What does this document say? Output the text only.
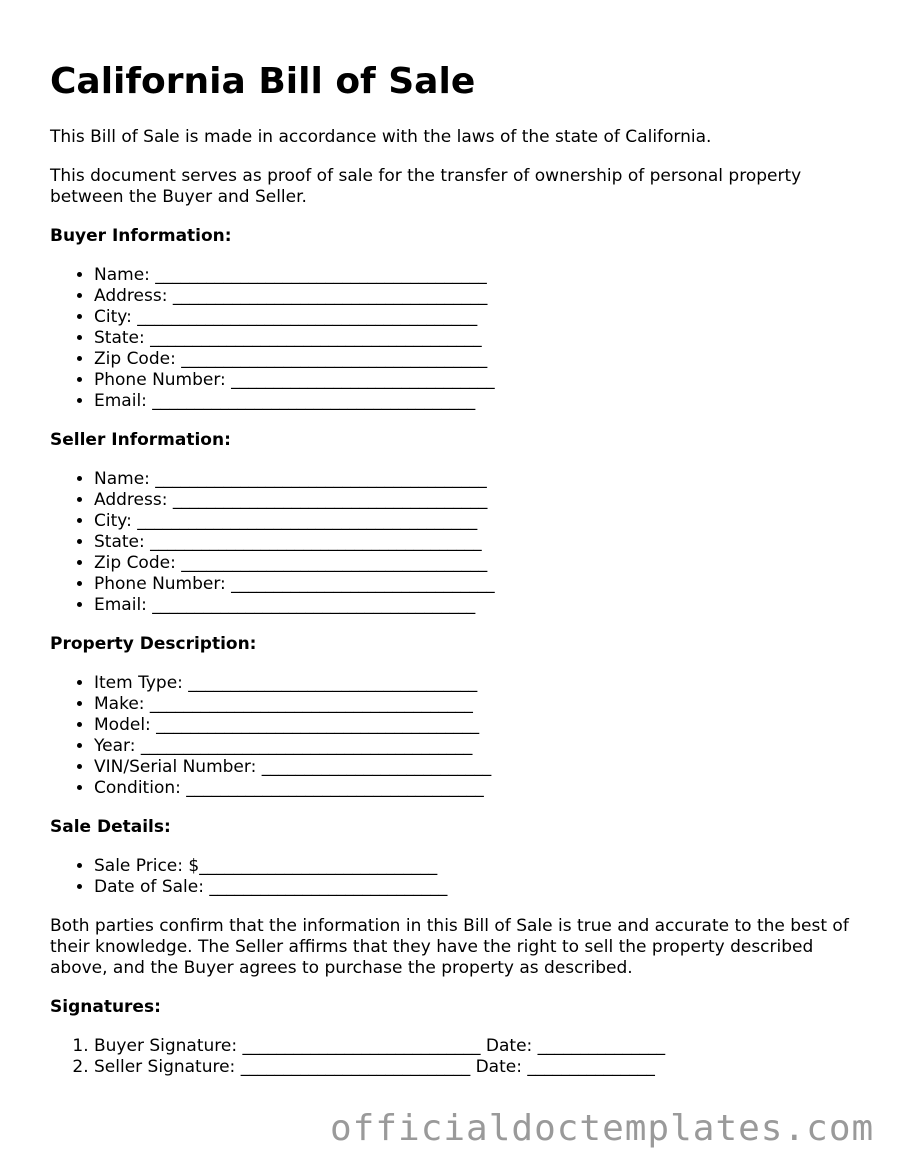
California Bill of Sale

This Bill of Sale is made in accordance with the laws of the state of California.

This document serves as proof of sale for the transfer of ownership of personal property between the Buyer and Seller.

Buyer Information:
• Name: _______________________________________
• Address: _____________________________________
• City: ________________________________________
• State: _______________________________________
• Zip Code: ____________________________________
• Phone Number: _______________________________
• Email: ______________________________________
Seller Information:
• Name: _______________________________________
• Address: _____________________________________
• City: ________________________________________
• State: _______________________________________
• Zip Code: ____________________________________
• Phone Number: _______________________________
• Email: ______________________________________
Property Description:
• Item Type: __________________________________
• Make: ______________________________________
• Model: ______________________________________
• Year: _______________________________________
• VIN/Serial Number: ___________________________
• Condition: ___________________________________
Sale Details:
• Sale Price: $____________________________
• Date of Sale: ____________________________

Both parties confirm that the information in this Bill of Sale is true and accurate to the best of their knowledge. The Seller affirms that they have the right to sell the property described above, and the Buyer agrees to purchase the property as described.

Signatures:
1. Buyer Signature: ____________________________ Date: _______________
2. Seller Signature: ___________________________ Date: _______________
officialdoctemplates.com
